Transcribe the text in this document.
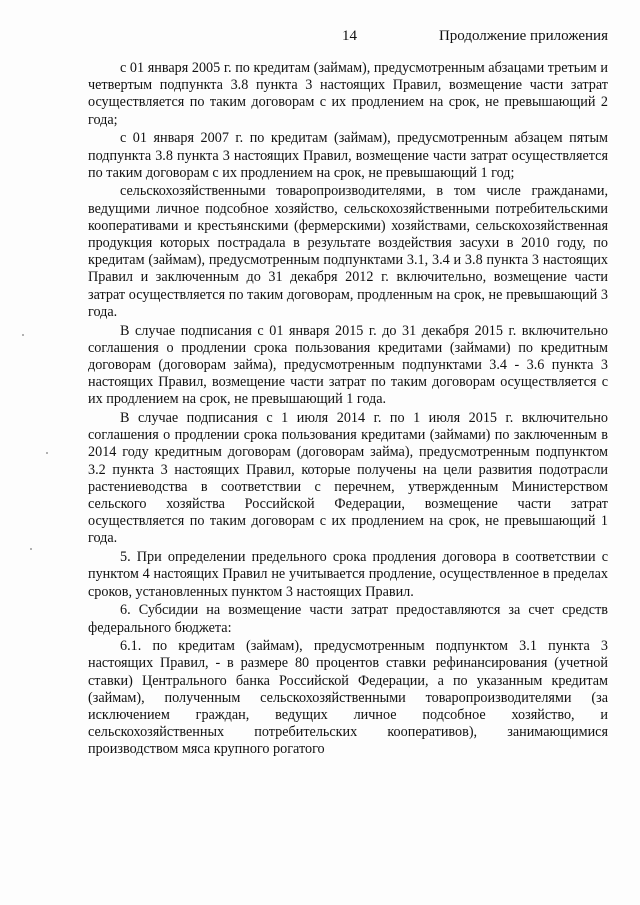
14	Продолжение приложения

с 01 января 2005 г. по кредитам (займам), предусмотренным абзацами третьим и четвертым подпункта 3.8 пункта 3 настоящих Правил, возмещение части затрат осуществляется по таким договорам с их продлением на срок, не превышающий 2 года;

с 01 января 2007 г. по кредитам (займам), предусмотренным абзацем пятым подпункта 3.8 пункта 3 настоящих Правил, возмещение части затрат осуществляется по таким договорам с их продлением на срок, не превышающий 1 год;

сельскохозяйственными товаропроизводителями, в том числе гражданами, ведущими личное подсобное хозяйство, сельскохозяйственными потребительскими кооперативами и крестьянскими (фермерскими) хозяйствами, сельскохозяйственная продукция которых пострадала в результате воздействия засухи в 2010 году, по кредитам (займам), предусмотренным подпунктами 3.1, 3.4 и 3.8 пункта 3 настоящих Правил и заключенным до 31 декабря 2012 г. включительно, возмещение части затрат осуществляется по таким договорам, продленным на срок, не превышающий 3 года.

В случае подписания с 01 января 2015 г. до 31 декабря 2015 г. включительно соглашения о продлении срока пользования кредитами (займами) по кредитным договорам (договорам займа), предусмотренным подпунктами 3.4 - 3.6 пункта 3 настоящих Правил, возмещение части затрат по таким договорам осуществляется с их продлением на срок, не превышающий 1 года.

В случае подписания с 1 июля 2014 г. по 1 июля 2015 г. включительно соглашения о продлении срока пользования кредитами (займами) по заключенным в 2014 году кредитным договорам (договорам займа), предусмотренным подпунктом 3.2 пункта 3 настоящих Правил, которые получены на цели развития подотрасли растениеводства в соответствии с перечнем, утвержденным Министерством сельского хозяйства Российской Федерации, возмещение части затрат осуществляется по таким договорам с их продлением на срок, не превышающий 1 года.

5. При определении предельного срока продления договора в соответствии с пунктом 4 настоящих Правил не учитывается продление, осуществленное в пределах сроков, установленных пунктом 3 настоящих Правил.

6. Субсидии на возмещение части затрат предоставляются за счет средств федерального бюджета:

6.1. по кредитам (займам), предусмотренным подпунктом 3.1 пункта 3 настоящих Правил, - в размере 80 процентов ставки рефинансирования (учетной ставки) Центрального банка Российской Федерации, а по указанным кредитам (займам), полученным сельскохозяйственными товаропроизводителями (за исключением граждан, ведущих личное подсобное хозяйство, и сельскохозяйственных потребительских кооперативов), занимающимися производством мяса крупного рогатого
